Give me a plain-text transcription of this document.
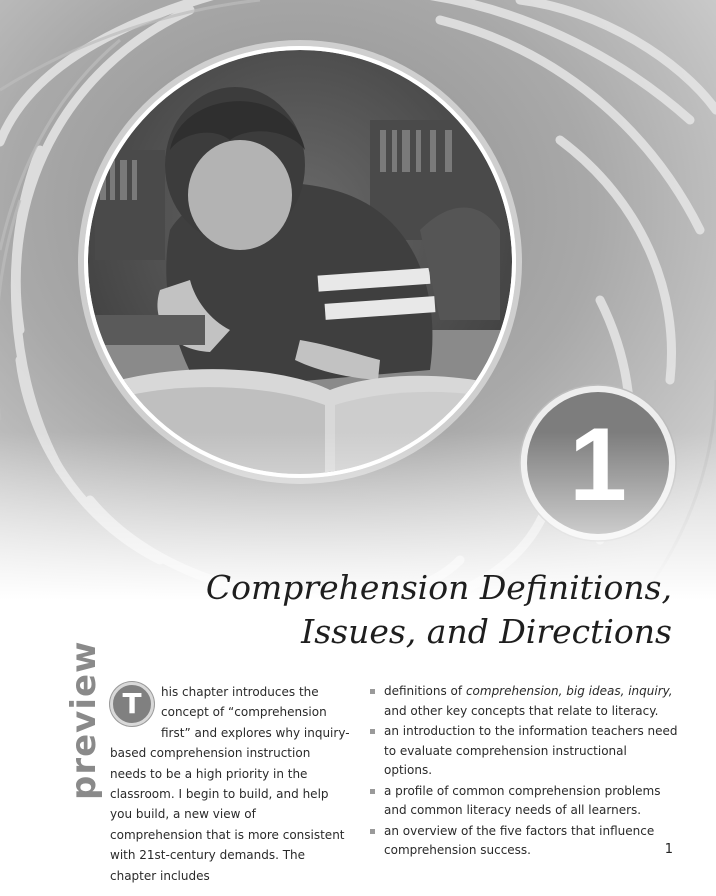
Comprehension Definitions,
Issues, and Directions
preview T	his chapter introduces the concept of “comprehension first” and explores why inquiry-based comprehension instruction needs to be a high priority in the classroom. I begin to build, and help you build, a new view of comprehension that is more consistent with 21st-century demands. The chapter includes

definitions of comprehension, big ideas, inquiry, and other key concepts that relate to literacy.
an introduction to the information teachers need to evaluate comprehension instructional options.
a profile of common comprehension problems and common literacy needs of all learners.
an overview of the five factors that influence comprehension success.	1
